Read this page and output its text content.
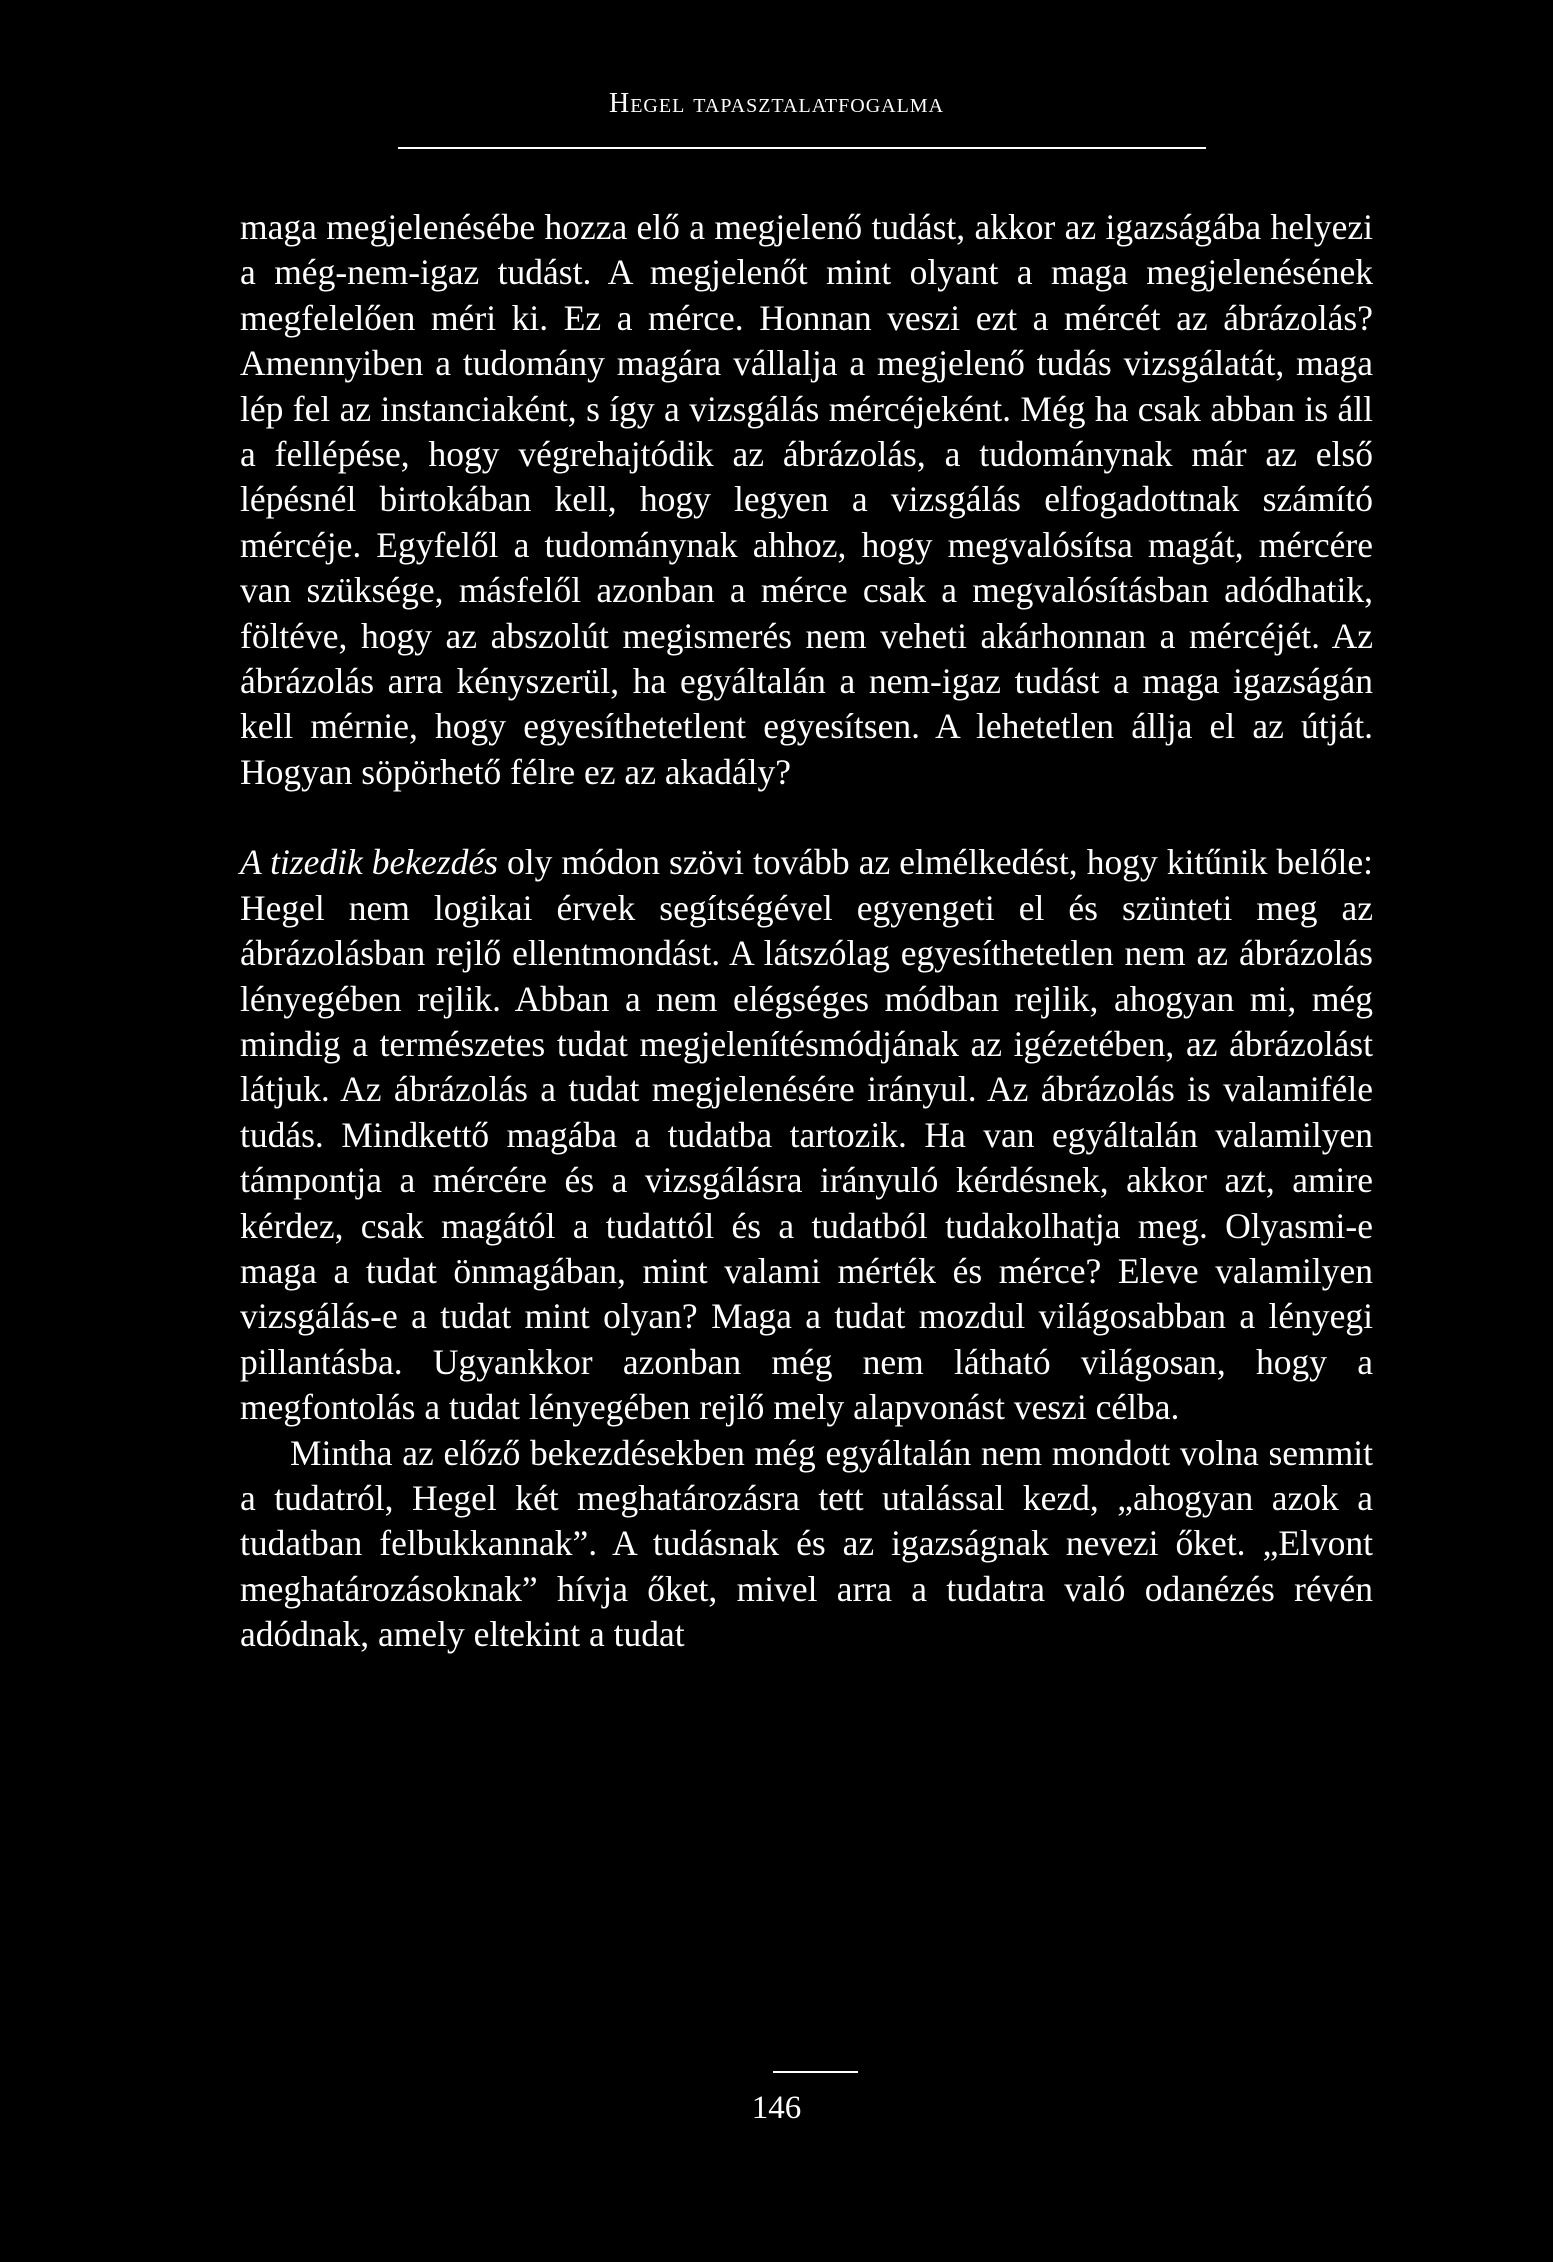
Hegel tapasztalatfogalma

maga megjelenésébe hozza elő a megjelenő tudást, akkor az igazságába helyezi a még-nem-igaz tudást. A megjelenőt mint olyant a maga megjelenésének megfelelően méri ki. Ez a mérce. Honnan veszi ezt a mércét az ábrázolás? Amennyiben a tudomány magára vállalja a megjelenő tudás vizsgálatát, maga lép fel az instanciaként, s így a vizsgálás mércéjeként. Még ha csak abban is áll a fellépése, hogy végrehajtódik az ábrázolás, a tudománynak már az első lépésnél birtokában kell, hogy legyen a vizsgálás elfogadottnak számító mércéje. Egyfelől a tudománynak ahhoz, hogy megvalósítsa magát, mércére van szüksége, másfelől azonban a mérce csak a megvalósításban adódhatik, föltéve, hogy az abszolút megismerés nem veheti akárhonnan a mércéjét. Az ábrázolás arra kényszerül, ha egyáltalán a nem-igaz tudást a maga igazságán kell mérnie, hogy egyesíthetetlent egyesítsen. A lehetetlen állja el az útját. Hogyan söpörhető félre ez az akadály?

A tizedik bekezdés oly módon szövi tovább az elmélkedést, hogy kitűnik belőle: Hegel nem logikai érvek segítségével egyengeti el és szünteti meg az ábrázolásban rejlő ellentmondást. A látszólag egyesíthetetlen nem az ábrázolás lényegében rejlik. Abban a nem elégséges módban rejlik, ahogyan mi, még mindig a természetes tudat megjelenítésmódjának az igézetében, az ábrázolást látjuk. Az ábrázolás a tudat megjelenésére irányul. Az ábrázolás is valamiféle tudás. Mindkettő magába a tudatba tartozik. Ha van egyáltalán valamilyen támpontja a mércére és a vizsgálásra irányuló kérdésnek, akkor azt, amire kérdez, csak magától a tudattól és a tudatból tudakolhatja meg. Olyasmi-e maga a tudat önmagában, mint valami mérték és mérce? Eleve valamilyen vizsgálás-e a tudat mint olyan? Maga a tudat mozdul világosabban a lényegi pillantásba. Ugyankkor azonban még nem látható világosan, hogy a megfontolás a tudat lényegében rejlő mely alapvonást veszi célba.

Mintha az előző bekezdésekben még egyáltalán nem mondott volna semmit a tudatról, Hegel két meghatározásra tett utalással kezd, „ahogyan azok a tudatban felbukkannak”. A tudásnak és az igazságnak nevezi őket. „Elvont meghatározásoknak” hívja őket, mivel arra a tudatra való odanézés révén adódnak, amely eltekint a tudat

146
